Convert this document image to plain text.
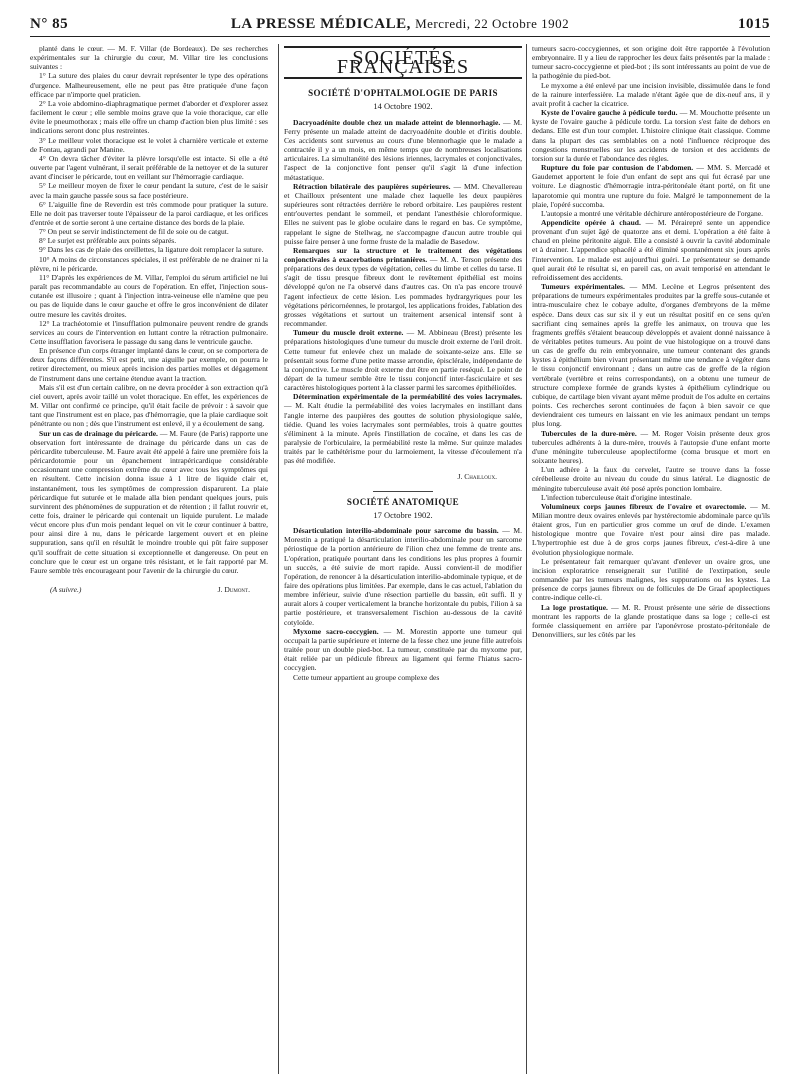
N° 85	LA PRESSE MÉDICALE, Mercredi, 22 Octobre 1902	1015

planté dans le cœur. — M. F. Villar (de Bordeaux). De ses recherches expérimentales sur la chirurgie du cœur, M. Villar tire les conclusions suivantes :

1° La suture des plaies du cœur devrait représenter le type des opérations d'urgence. Malheureusement, elle ne peut pas être pratiquée d'une façon efficace par n'importe quel praticien.

2° La voie abdomino-diaphragmatique permet d'aborder et d'explorer assez facilement le cœur ; elle semble moins grave que la voie thoracique, car elle évite le pneumothorax ; mais elle offre un champ d'action bien plus limité : ses indications seront donc plus restreintes.

3° Le meilleur volet thoracique est le volet à charnière verticale et externe de Fontau, agrandi par Manine.

4° On devra tâcher d'éviter la plèvre lorsqu'elle est intacte. Si elle a été ouverte par l'agent vulnérant, il serait préférable de la nettoyer et de la suturer avant d'inciser le péricarde, tout en veillant sur l'hémorragie cardiaque.

5° Le meilleur moyen de fixer le cœur pendant la suture, c'est de le saisir avec la main gauche passée sous sa face postérieure.

6° L'aiguille fine de Reverdin est très commode pour pratiquer la suture. Elle ne doit pas traverser toute l'épaisseur de la paroi cardiaque, et les orifices d'entrée et de sortie seront à une certaine distance des bords de la plaie.

7° On peut se servir indistinctement de fil de soie ou de catgut.

8° Le surjet est préférable aux points séparés.

9° Dans les cas de plaie des oreillettes, la ligature doit remplacer la suture.

10° A moins de circonstances spéciales, il est préférable de ne drainer ni la plèvre, ni le péricarde.

11° D'après les expériences de M. Villar, l'emploi du sérum artificiel ne lui paraît pas recommandable au cours de l'opération. En effet, l'injection sous-cutanée est illusoire ; quant à l'injection intra-veineuse elle n'amène que peu ou pas de liquide dans le cœur gauche et offre le gros inconvénient de dilater outre mesure les cavités droites.

12° La trachéotomie et l'insufflation pulmonaire peuvent rendre de grands services au cours de l'intervention en luttant contre la rétraction pulmonaire. Cette insufflation favorisera le passage du sang dans le ventricule gauche.

En présence d'un corps étranger implanté dans le cœur, on se comportera de deux façons différentes. S'il est petit, une aiguille par exemple, on pourra le retirer directement, ou mieux après incision des parties molles et dégagement de l'instrument dans une certaine étendue avant la traction.

Mais s'il est d'un certain calibre, on ne devra procéder à son extraction qu'à ciel ouvert, après avoir taillé un volet thoracique. En effet, les expériences de M. Villar ont confirmé ce principe, qu'il était facile de prévoir : à savoir que tant que l'instrument est en place, pas d'hémorragie, que la plaie cardiaque soit pénétrante ou non ; dès que l'instrument est enlevé, il y a écoulement de sang.

Sur un cas de drainage du péricarde. — M. Faure (de Paris) rapporte une observation fort intéressante de drainage du péricarde dans un cas de péricardite tuberculeuse. M. Faure avait été appelé à faire une première fois la péricardotomie pour un épanchement intrapéricardique considérable occasionnant une compression extrême du cœur avec tous les symptômes qui en résultent. Cette incision donna issue à 1 litre de liquide clair et, instantanément, tous les symptômes de compression disparurent. La plaie péricardique fut suturée et le malade alla bien pendant quelques jours, puis survinrent des phénomènes de suppuration et de rétention ; il fallut rouvrir et, cette fois, drainer le péricarde qui contenait un liquide purulent. Le malade vécut encore plus d'un mois pendant lequel on vit le cœur continuer à battre, pour ainsi dire à nu, dans le péricarde largement ouvert et en pleine suppuration, sans qu'il en résultât le moindre trouble qui pût faire supposer qu'il souffrait de cette situation si exceptionnelle et dangereuse. On peut en conclure que le cœur est un organe très résistant, et le fait rapporté par M. Faure semble très encourageant pour l'avenir de la chirurgie du cœur.

(A suivre.)	J. Dumont.
SOCIÉTÉS FRANÇAISES
SOCIÉTÉ D'OPHTALMOLOGIE DE PARIS
14 Octobre 1902.

Dacryoadénite double chez un malade atteint de blennorhagie. — M. Ferry présente un malade atteint de dacryoadénite double et d'iritis double. Ces accidents sont survenus au cours d'une blennorhagie que le malade a contractée il y a un mois, en même temps que de nombreuses localisations articulaires. La simultanéité des lésions iriennes, lacrymales et conjonctivales, l'aspect de la conjonctive font penser qu'il s'agit là d'une infection métastatique.

Rétraction bilatérale des paupières supérieures. — MM. Chevallereau et Chailloux présentent une malade chez laquelle les deux paupières supérieures sont rétractées derrière le rebord orbitaire. Les paupières restent entr'ouvertes pendant le sommeil, et pendant l'anesthésie chloroformique. Elles ne suivent pas le globe oculaire dans le regard en bas. Ce symptôme, rappelant le signe de Stellwag, ne s'accompagne d'aucun autre trouble qui puisse faire penser à une forme fruste de la maladie de Basedow.

Remarques sur la structure et le traitement des végétations conjonctivales à exacerbations printanières. — M. A. Terson présente des préparations des deux types de végétation, celles du limbe et celles du tarse. Il s'agit de tissu presque fibreux dont le revêtement épithélial est moins développé qu'on ne l'a observé dans d'autres cas. On n'a pas encore trouvé l'agent infectieux de cette lésion. Les pommades hydrargyriques pour les végétations péricornéennes, le protargol, les applications froides, l'ablation des grosses végétations et surtout un traitement arsenical intensif sont à recommander.

Tumeur du muscle droit externe. — M. Abbineau (Brest) présente les préparations histologiques d'une tumeur du muscle droit externe de l'œil droit. Cette tumeur fut enlevée chez un malade de soixante-seize ans. Elle se présentait sous forme d'une petite masse arrondie, épisclérale, indépendante de la conjonctive. Le muscle droit externe dut être en partie reséqué. Le point de départ de la tumeur semble être le tissu conjonctif inter-fasciculaire et ses caractères histologiques portent à la classer parmi les sarcomes épithélioïdes.

Détermination expérimentale de la perméabilité des voies lacrymales. — M. Kalt étudie la perméabilité des voies lacrymales en instillant dans l'angle interne des paupières des gouttes de solution physiologique salée, tiédie. Quand les voies lacrymales sont perméables, trois à quatre gouttes s'éliminent à la minute. Après l'instillation de cocaïne, et dans les cas de paralysie de l'orbiculaire, la perméabilité reste la même. Sur quinze malades traités par le cathétérisme pour du larmoiement, la vitesse d'écoulement n'a pas été modifiée.

J. Chailloux.

SOCIÉTÉ ANATOMIQUE
17 Octobre 1902.

Désarticulation interilio-abdominale pour sarcome du bassin. — M. Morestin a pratiqué la désarticulation interilio-abdominale pour un sarcome périostique de la portion antérieure de l'ilion chez une femme de trente ans. L'opération, pratiquée pourtant dans les conditions les plus propres à fournir un succès, a été suivie de mort rapide. Aussi convient-il de modifier l'opération, de renoncer à la désarticulation interilio-abdominale typique, et de faire des opérations plus limitées. Par exemple, dans le cas actuel, l'ablation du membre inférieur, suivie d'une résection partielle du bassin, eût suffi. Il y aurait alors à couper verticalement la branche horizontale du pubis, l'ilion à sa partie postérieure, et transversalement l'ischion au-dessous de la cavité cotyloïde.

Myxome sacro-coccygien. — M. Morestin apporte une tumeur qui occupait la partie supérieure et interne de la fesse chez une jeune fille autrefois traitée pour un double pied-bot. La tumeur, constituée par du myxome pur, était reliée par un pédicule fibreux au ligament qui ferme l'hiatus sacro-coccygien.

Cette tumeur appartient au groupe complexe des

tumeurs sacro-coccygiennes, et son origine doit être rapportée à l'évolution embryonnaire. Il y a lieu de rapprocher les deux faits présentés par la malade : tumeur sacro-coccygienne et pied-bot ; ils sont intéressants au point de vue de la pathogénie du pied-bot.

Le myxome a été enlevé par une incision invisible, dissimulée dans le fond de la rainure interfessière. La malade n'étant âgée que de dix-neuf ans, il y avait profit à cacher la cicatrice.

Kyste de l'ovaire gauche à pédicule tordu. — M. Mouchotte présente un kyste de l'ovaire gauche à pédicule tordu. La torsion s'est faite de dehors en dedans. Elle est d'un tour complet. L'histoire clinique était classique. Comme dans la plupart des cas semblables on a noté l'influence réciproque des congestions menstruelles sur les accidents de torsion et des accidents de torsion sur la durée et l'abondance des règles.

Rupture du foie par contusion de l'abdomen. — MM. S. Mercadé et Gaudemet apportent le foie d'un enfant de sept ans qui fut écrasé par une voiture. Le diagnostic d'hémorragie intra-péritonéale étant porté, on fit une laparotomie qui montra une rupture du foie. Malgré le tamponnement de la plaie, l'opéré succomba.

L'autopsie a montré une véritable déchirure antéropostérieure de l'organe.

Appendicite opérée à chaud. — M. Pérairepré sente un appendice provenant d'un sujet âgé de quatorze ans et demi. L'opération a été faite à chaud en pleine péritonite aiguë. Elle a consisté à ouvrir la cavité abdominale et à drainer. L'appendice sphacélé a été éliminé spontanément six jours après l'intervention. Le malade est aujourd'hui guéri. Le présentateur se demande quel aurait été le résultat si, en pareil cas, on avait temporisé en attendant le refroidissement des accidents.

Tumeurs expérimentales. — MM. Lecène et Legros présentent des préparations de tumeurs expérimentales produites par la greffe sous-cutanée et intra-musculaire chez le cobaye adulte, d'organes d'embryons de la même espèce. Dans deux cas sur six il y eut un résultat positif en ce sens qu'en sacrifiant cinq semaines après la greffe les animaux, on trouva que les fragments greffés s'étaient beaucoup développés et avaient donné naissance à de véritables petites tumeurs. Au point de vue histologique on a trouvé dans un cas de greffe du rein embryonnaire, une tumeur contenant des grands kystes à épithélium bien vivant présentant même une tendance à végéter dans le tissu conjonctif environnant ; dans un autre cas de greffe de la région vertébrale (vertèbre et reins correspondants), on a obtenu une tumeur de structure complexe formée de grands kystes à épithélium cylindrique ou cubique, de cartilage bien vivant ayant même produit de l'os adulte en certains points. Ces recherches seront continuées de façon à bien savoir ce que deviendraient ces tumeurs en laissant en vie les animaux pendant un temps plus long.

Tubercules de la dure-mère. — M. Roger Voisin présente deux gros tubercules adhérents à la dure-mère, trouvés à l'autopsie d'une enfant morte d'une méningite tuberculeuse apoplectiforme (coma brusque et mort en soixante heures).

L'un adhère à la faux du cervelet, l'autre se trouve dans la fosse cérébelleuse droite au niveau du coude du sinus latéral. Le diagnostic de méningite tuberculeuse avait été posé après ponction lombaire.

L'infection tuberculeuse était d'origine intestinale.

Volumineux corps jaunes fibreux de l'ovaire et ovarectomie. — M. Milian montre deux ovaires enlevés par hystérectomie abdominale parce qu'ils étaient gros, l'un en particulier gros comme un œuf de dinde. L'examen histologique montre que l'ovaire n'est pour ainsi dire pas malade. L'hypertrophie est due à de gros corps jaunes fibreux, c'est-à-dire à une évolution physiologique normale.

Le présentateur fait remarquer qu'avant d'enlever un ovaire gros, une incision exploratrice renseignerait sur l'utilité de l'extirpation, seule commandée par les tumeurs malignes, les suppurations ou les kystes. La présence de corps jaunes fibreux ou de follicules de De Graaf apoplectiques contre-indique celle-ci.

La loge prostatique. — M. R. Proust présente une série de dissections montrant les rapports de la glande prostatique dans sa loge ; celle-ci est formée classiquement en arrière par l'aponévrose prostato-péritonéale de Denonvilliers, sur les côtés par les
